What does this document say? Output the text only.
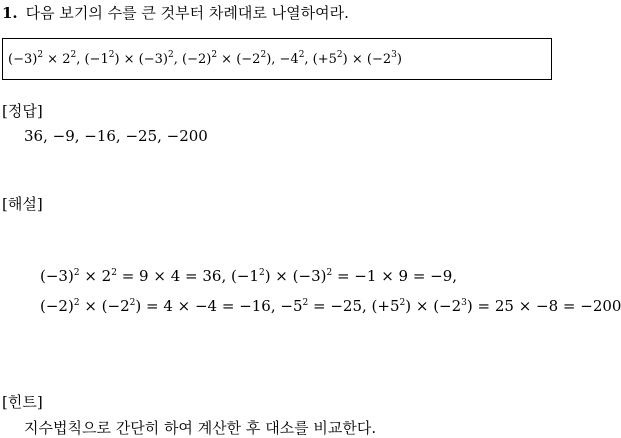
1. 다음 보기의 수를 큰 것부터 차례대로 나열하여라.
$(-3)^2 \times 2^2$, $(-1^2) \times (-3)^2$, $(-2)^2 \times (-2^2)$, $-4^2$, $(+5^2) \times (-2^3)$
[정답]
36, −9, −16, −25, −200
[해설]
$(-3)^2 \times 2^2 = 9 \times 4 = 36$, $(-1^2) \times (-3)^2 = -1 \times 9 = -9$,
$(-2)^2 \times (-2^2) = 4 \times -4 = -16$, $-5^2 = -25$, $(+5^2) \times (-2^3) = 25 \times -8 = -200$
[힌트]
지수법칙으로 간단히 하여 계산한 후 대소를 비교한다.
